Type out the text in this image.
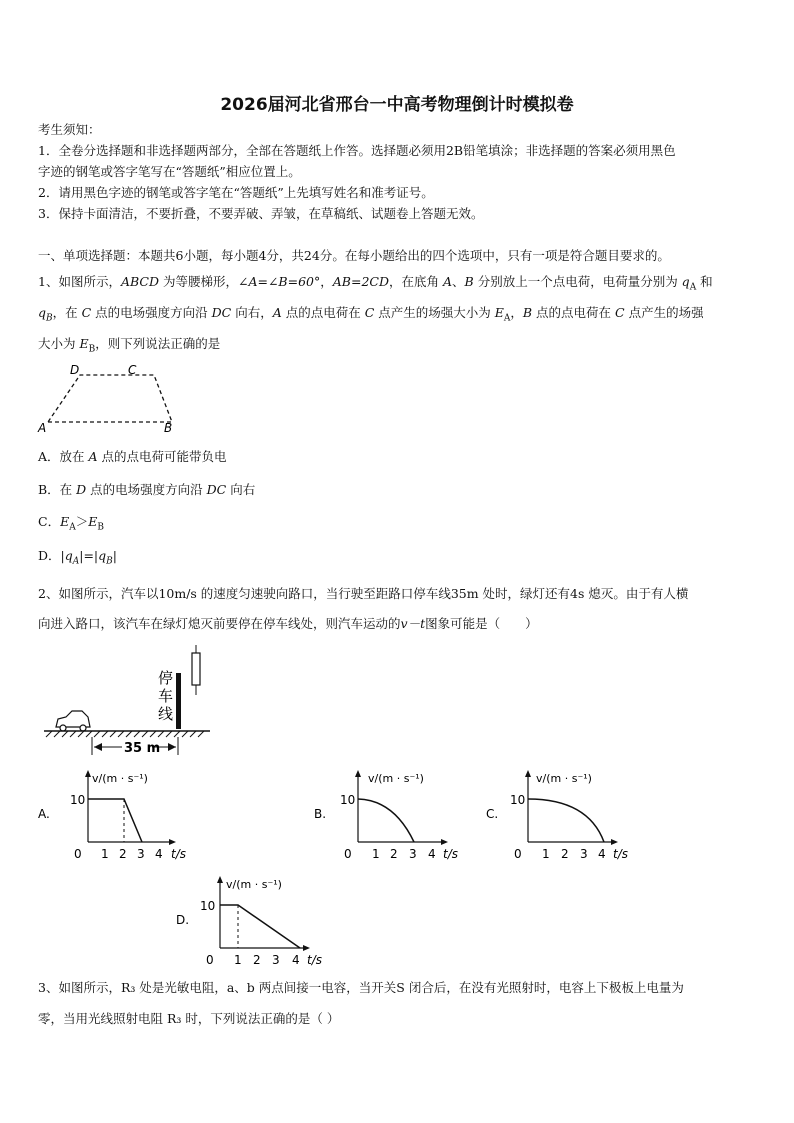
2026届河北省邢台一中高考物理倒计时模拟卷
考生须知：
1．全卷分选择题和非选择题两部分，全部在答题纸上作答。选择题必须用2B铅笔填涂；非选择题的答案必须用黑色
字迹的钢笔或答字笔写在“答题纸”相应位置上。
2．请用黑色字迹的钢笔或答字笔在“答题纸”上先填写姓名和准考证号。
3．保持卡面清洁，不要折叠，不要弄破、弄皱，在草稿纸、试题卷上答题无效。
一、单项选择题：本题共6小题，每小题4分，共24分。在每小题给出的四个选项中，只有一项是符合题目要求的。
1、如图所示，ABCD 为等腰梯形，∠A=∠B=60°，AB=2CD，在底角 A、B 分别放上一个点电荷，电荷量分别为 $q_A$ 和
$q_B$，在 C 点的电场强度方向沿 DC 向右，A 点的点电荷在 C 点产生的场强大小为 $E_A$，B 点的点电荷在 C 点产生的场强
大小为 $E_B$，则下列说法正确的是
D	C
A	B
A．放在 A 点的点电荷可能带负电
B．在 D 点的电场强度方向沿 DC 向右
C．$E_A>E_B$
D．$|q_A|=|q_B|$
2、如图所示，汽车以10m/s 的速度匀速驶向路口，当行驶至距路口停车线35m 处时，绿灯还有4s 熄灭。由于有人横
向进入路口，该汽车在绿灯熄灭前要停在停车线处，则汽车运动的v－t图象可能是（　　）
停
车
线
35 m
A.
v/(m · s⁻¹)
10
0 1 2 3 4 t/s
B.
v/(m · s⁻¹)
10
0 1 2 3 4 t/s
C.
v/(m · s⁻¹)
10
0 1 2 3 4 t/s
D.
v/(m · s⁻¹)
10
0 1 2 3 4 t/s
3、如图所示，R₃ 处是光敏电阻，a、b 两点间接一电容，当开关S 闭合后，在没有光照射时，电容上下极板上电量为
零，当用光线照射电阻 R₃ 时，下列说法正确的是（ ）
